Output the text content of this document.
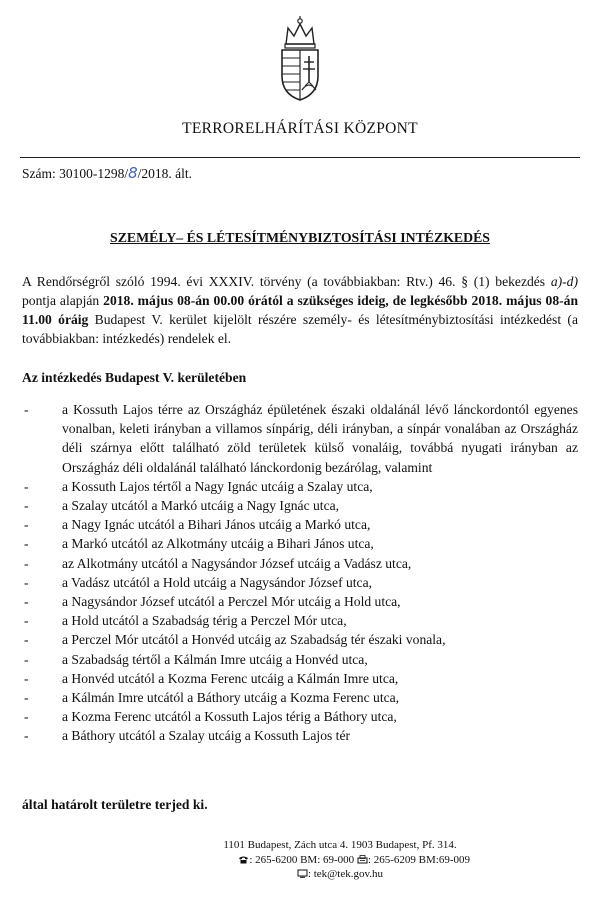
TERRORELHÁRÍTÁSI KÖZPONT
Szám: 30100-1298/8/2018. ált.
SZEMÉLY– ÉS LÉTESÍTMÉNYBIZTOSÍTÁSI INTÉZKEDÉS
A Rendőrségről szóló 1994. évi XXXIV. törvény (a továbbiakban: Rtv.) 46. § (1) bekezdés a)-d) pontja alapján 2018. május 08-án 00.00 órától a szükséges ideig, de legkésőbb 2018. május 08-án 11.00 óráig Budapest V. kerület kijelölt részére személy- és létesítménybiztosítási intézkedést (a továbbiakban: intézkedés) rendelek el.
Az intézkedés Budapest V. kerületében
- a Kossuth Lajos térre az Országház épületének északi oldalánál lévő lánckordontól egyenes vonalban, keleti irányban a villamos sínpárig, déli irányban, a sínpár vonalában az Országház déli szárnya előtt található zöld területek külső vonaláig, továbbá nyugati irányban az Országház déli oldalánál található lánckordonig bezárólag, valamint
- a Kossuth Lajos tértől a Nagy Ignác utcáig a Szalay utca,
- a Szalay utcától a Markó utcáig a Nagy Ignác utca,
- a Nagy Ignác utcától a Bihari János utcáig a Markó utca,
- a Markó utcától az Alkotmány utcáig a Bihari János utca,
- az Alkotmány utcától a Nagysándor József utcáig a Vadász utca,
- a Vadász utcától a Hold utcáig a Nagysándor József utca,
- a Nagysándor József utcától a Perczel Mór utcáig a Hold utca,
- a Hold utcától a Szabadság térig a Perczel Mór utca,
- a Perczel Mór utcától a Honvéd utcáig az Szabadság tér északi vonala,
- a Szabadság tértől a Kálmán Imre utcáig a Honvéd utca,
- a Honvéd utcától a Kozma Ferenc utcáig a Kálmán Imre utca,
- a Kálmán Imre utcától a Báthory utcáig a Kozma Ferenc utca,
- a Kozma Ferenc utcától a Kossuth Lajos térig a Báthory utca,
- a Báthory utcától a Szalay utcáig a Kossuth Lajos tér
által határolt területre terjed ki.
1101 Budapest, Zách utca 4. 1903 Budapest, Pf. 314.
: 265-6200 BM: 69-000 : 265-6209 BM:69-009
: tek@tek.gov.hu
